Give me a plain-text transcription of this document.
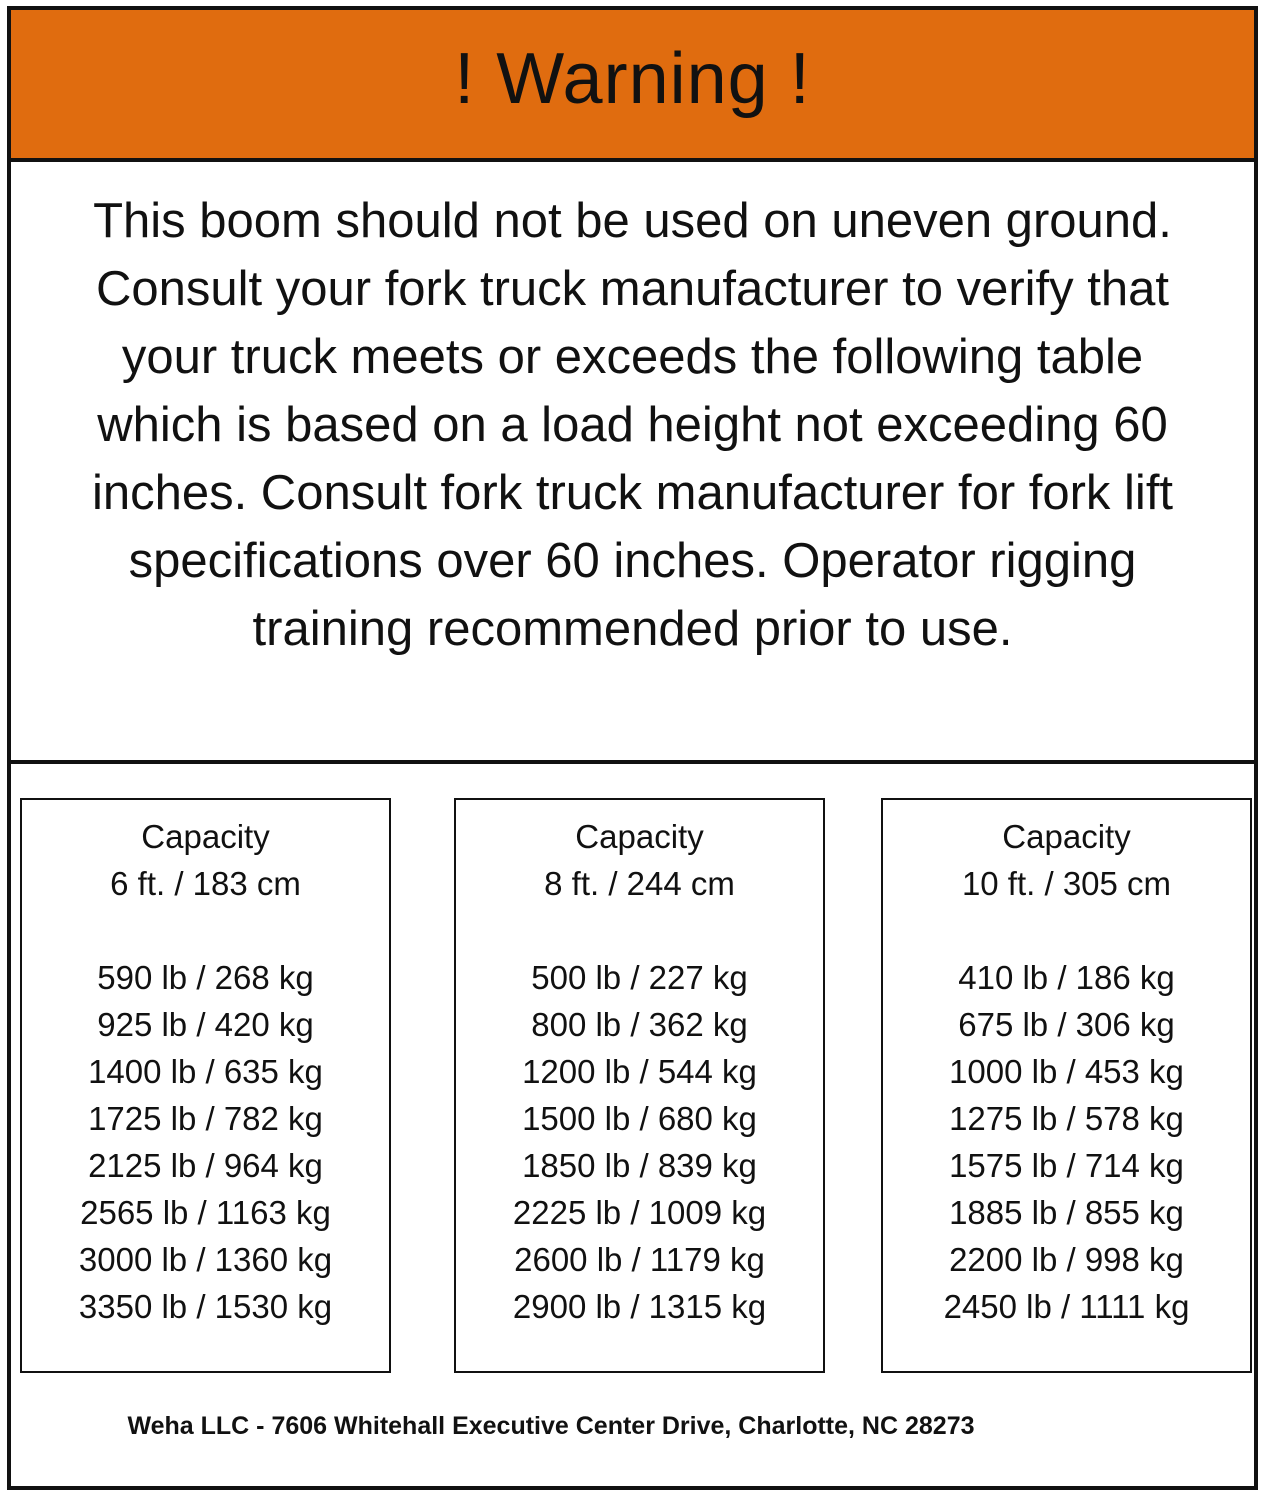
! Warning !
This boom should not be used on uneven ground. Consult your fork truck manufacturer to verify that your truck meets or exceeds the following table which is based on a load height not exceeding 60 inches. Consult fork truck manufacturer for fork lift specifications over 60 inches. Operator rigging training recommended prior to use.
Capacity
6 ft. / 183 cm
590 lb / 268 kg
925 lb / 420 kg
1400 lb / 635 kg
1725 lb / 782 kg
2125 lb / 964 kg
2565 lb / 1163 kg
3000 lb / 1360 kg
3350 lb / 1530 kg
Capacity
8 ft. / 244 cm
500 lb / 227 kg
800 lb / 362 kg
1200 lb / 544 kg
1500 lb / 680 kg
1850 lb / 839 kg
2225 lb / 1009 kg
2600 lb / 1179 kg
2900 lb / 1315 kg
Capacity
10 ft. / 305 cm
410 lb / 186 kg
675 lb / 306 kg
1000 lb / 453 kg
1275 lb / 578 kg
1575 lb / 714 kg
1885 lb / 855 kg
2200 lb / 998 kg
2450 lb / 1111 kg
Weha LLC - 7606 Whitehall Executive Center Drive, Charlotte, NC 28273
